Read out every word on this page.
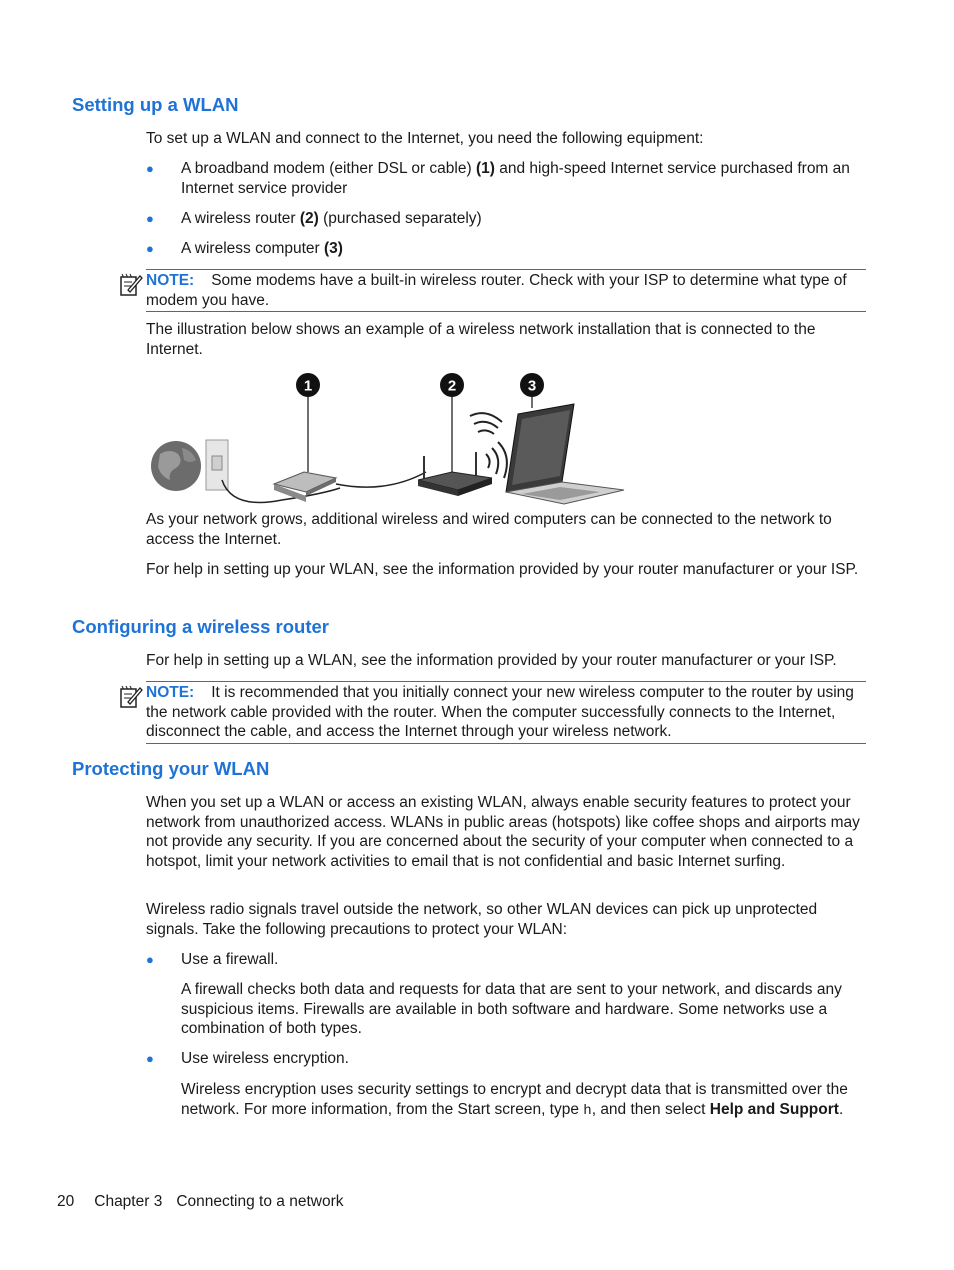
Setting up a WLAN
To set up a WLAN and connect to the Internet, you need the following equipment:
● A broadband modem (either DSL or cable) (1) and high-speed Internet service purchased from an Internet service provider
● A wireless router (2) (purchased separately)
● A wireless computer (3)
NOTE: Some modems have a built-in wireless router. Check with your ISP to determine what type of modem you have.
The illustration below shows an example of a wireless network installation that is connected to the Internet.
1	2	3
As your network grows, additional wireless and wired computers can be connected to the network to access the Internet.
For help in setting up your WLAN, see the information provided by your router manufacturer or your ISP.
Configuring a wireless router
For help in setting up a WLAN, see the information provided by your router manufacturer or your ISP.
NOTE: It is recommended that you initially connect your new wireless computer to the router by using the network cable provided with the router. When the computer successfully connects to the Internet, disconnect the cable, and access the Internet through your wireless network.
Protecting your WLAN
When you set up a WLAN or access an existing WLAN, always enable security features to protect your network from unauthorized access. WLANs in public areas (hotspots) like coffee shops and airports may not provide any security. If you are concerned about the security of your computer when connected to a hotspot, limit your network activities to email that is not confidential and basic Internet surfing.
Wireless radio signals travel outside the network, so other WLAN devices can pick up unprotected signals. Take the following precautions to protect your WLAN:
● Use a firewall.
A firewall checks both data and requests for data that are sent to your network, and discards any suspicious items. Firewalls are available in both software and hardware. Some networks use a combination of both types.
● Use wireless encryption.
Wireless encryption uses security settings to encrypt and decrypt data that is transmitted over the network. For more information, from the Start screen, type h, and then select Help and Support.
20 Chapter 3 Connecting to a network
